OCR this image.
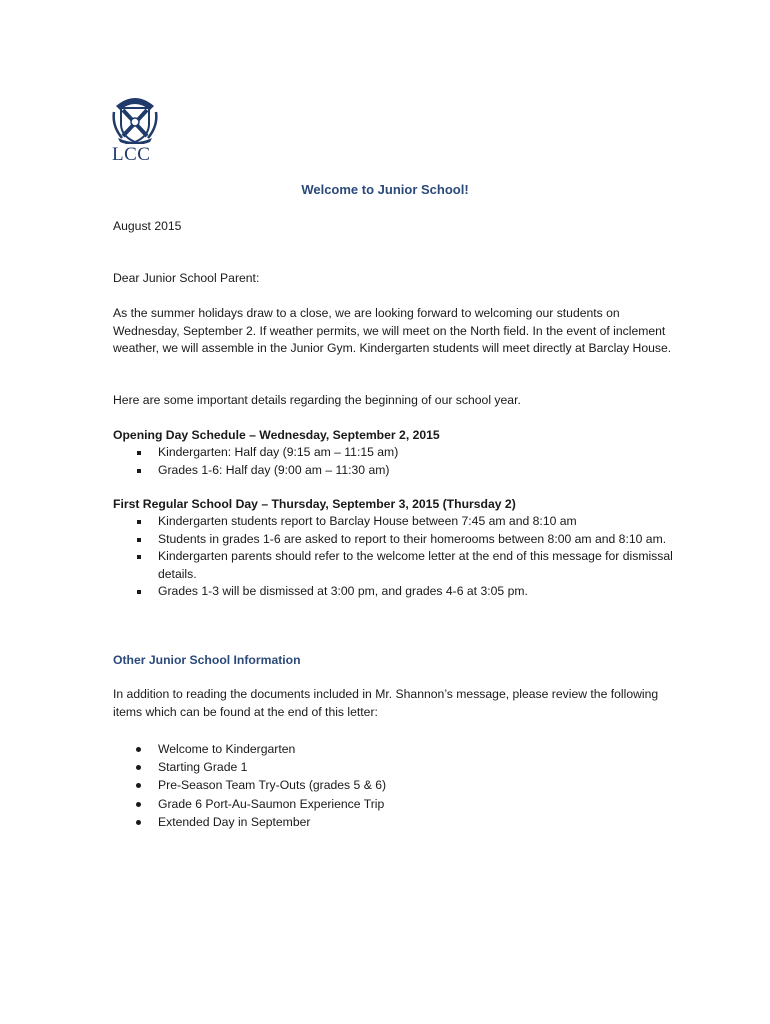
LCC
Welcome to Junior School!
August 2015
Dear Junior School Parent:
As the summer holidays draw to a close, we are looking forward to welcoming our students on Wednesday, September 2. If weather permits, we will meet on the North field. In the event of inclement weather, we will assemble in the Junior Gym. Kindergarten students will meet directly at Barclay House.
Here are some important details regarding the beginning of our school year.
Opening Day Schedule – Wednesday, September 2, 2015
Kindergarten: Half day (9:15 am – 11:15 am)
Grades 1-6: Half day (9:00 am – 11:30 am)
First Regular School Day – Thursday, September 3, 2015 (Thursday 2)
Kindergarten students report to Barclay House between 7:45 am and 8:10 am
Students in grades 1-6 are asked to report to their homerooms between 8:00 am and 8:10 am.
Kindergarten parents should refer to the welcome letter at the end of this message for dismissal details.
Grades 1-3 will be dismissed at 3:00 pm, and grades 4-6 at 3:05 pm.
Other Junior School Information
In addition to reading the documents included in Mr. Shannon’s message, please review the following items which can be found at the end of this letter:
Welcome to Kindergarten
Starting Grade 1
Pre-Season Team Try-Outs (grades 5 & 6)
Grade 6 Port-Au-Saumon Experience Trip
Extended Day in September
